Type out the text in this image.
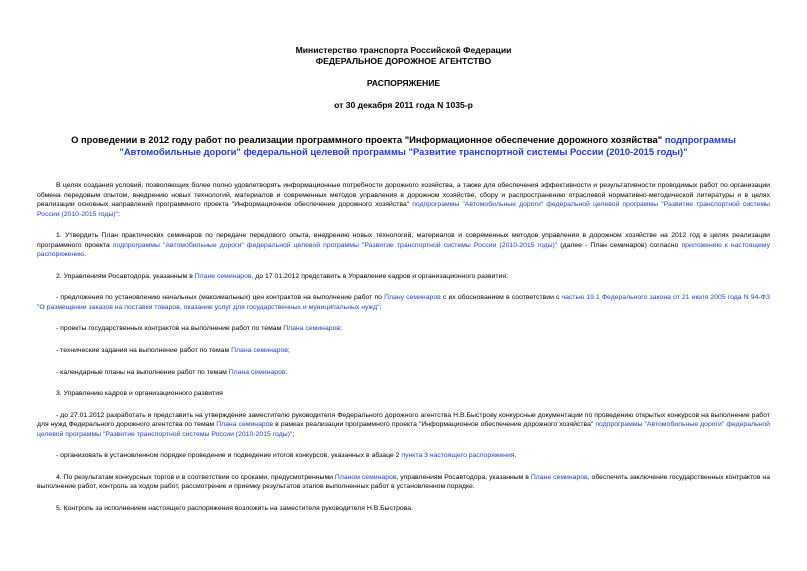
Министерство транспорта Российской Федерации
ФЕДЕРАЛЬНОЕ ДОРОЖНОЕ АГЕНТСТВО
РАСПОРЯЖЕНИЕ
от 30 декабря 2011 года N 1035-р
О проведении в 2012 году работ по реализации программного проекта "Информационное обеспечение дорожного хозяйства" подпрограммы "Автомобильные дороги" федеральной целевой программы "Развитие транспортной системы России (2010-2015 годы)"

В целях создания условий, позволяющих более полно удовлетворять информационные потребности дорожного хозяйства, а также для обеспечения эффективности и результативности проводимых работ по организации обмена передовым опытом, внедрению новых технологий, материалов и современных методов управления в дорожном хозяйстве, сбору и распространению отраслевой нормативно-методической литературы и в целях реализации основных направлений программного проекта "Информационное обеспечение дорожного хозяйства" подпрограммы "Автомобильные дороги" федеральной целевой программы "Развитие транспортной системы России (2010-2015 годы)":

1. Утвердить План практических семинаров по передаче передового опыта, внедрению новых технологий, материалов и современных методов управления в дорожном хозяйстве на 2012 год в целях реализации программного проекта подпрограммы "Автомобильные дороги" федеральной целевой программы "Развитие транспортной системы России (2010-2015 годы)" (далее - План семинаров) согласно приложению к настоящему распоряжению.

2. Управлениям Росавтодора, указанным в Плане семинаров, до 17.01.2012 представить в Управление кадров и организационного развития:

- предложения по установлению начальных (максимальных) цен контрактов на выполнение работ по Плану семинаров с их обоснованием в соответствии с частью 19.1 Федерального закона от 21 июля 2005 года N 94-ФЗ "О размещении заказов на поставки товаров, оказание услуг для государственных и муниципальных нужд";

- проекты государственных контрактов на выполнение работ по темам Плана семинаров;

- технические задания на выполнение работ по темам Плана семинаров;

- календарные планы на выполнение работ по темам Плана семинаров.

3. Управлению кадров и организационного развития

- до 27.01.2012 разработать и представить на утверждение заместителю руководителя Федерального дорожного агентства Н.В.Быстрову конкурсные документации по проведению открытых конкурсов на выполнение работ для нужд Федерального дорожного агентства по темам Плана семинаров в рамках реализации программного проекта "Информационное обеспечение дорожного хозяйства" подпрограммы "Автомобильные дороги" федеральной целевой программы "Развитие транспортной системы России (2010-2015 годы)";

- организовать в установленном порядке проведение и подведение итогов конкурсов, указанных в абзаце 2 пункта 3 настоящего распоряжения.

4. По результатам конкурсных торгов и в соответствии со сроками, предусмотренными Планом семинаров, управлениям Росавтодора, указанным в Плане семинаров, обеспечить заключение государственных контрактов на выполнение работ, контроль за ходом работ, рассмотрение и приемку результатов этапов выполненных работ в установленном порядке.

5. Контроль за исполнением настоящего распоряжения возложить на заместителя руководителя Н.В.Быстрова.
